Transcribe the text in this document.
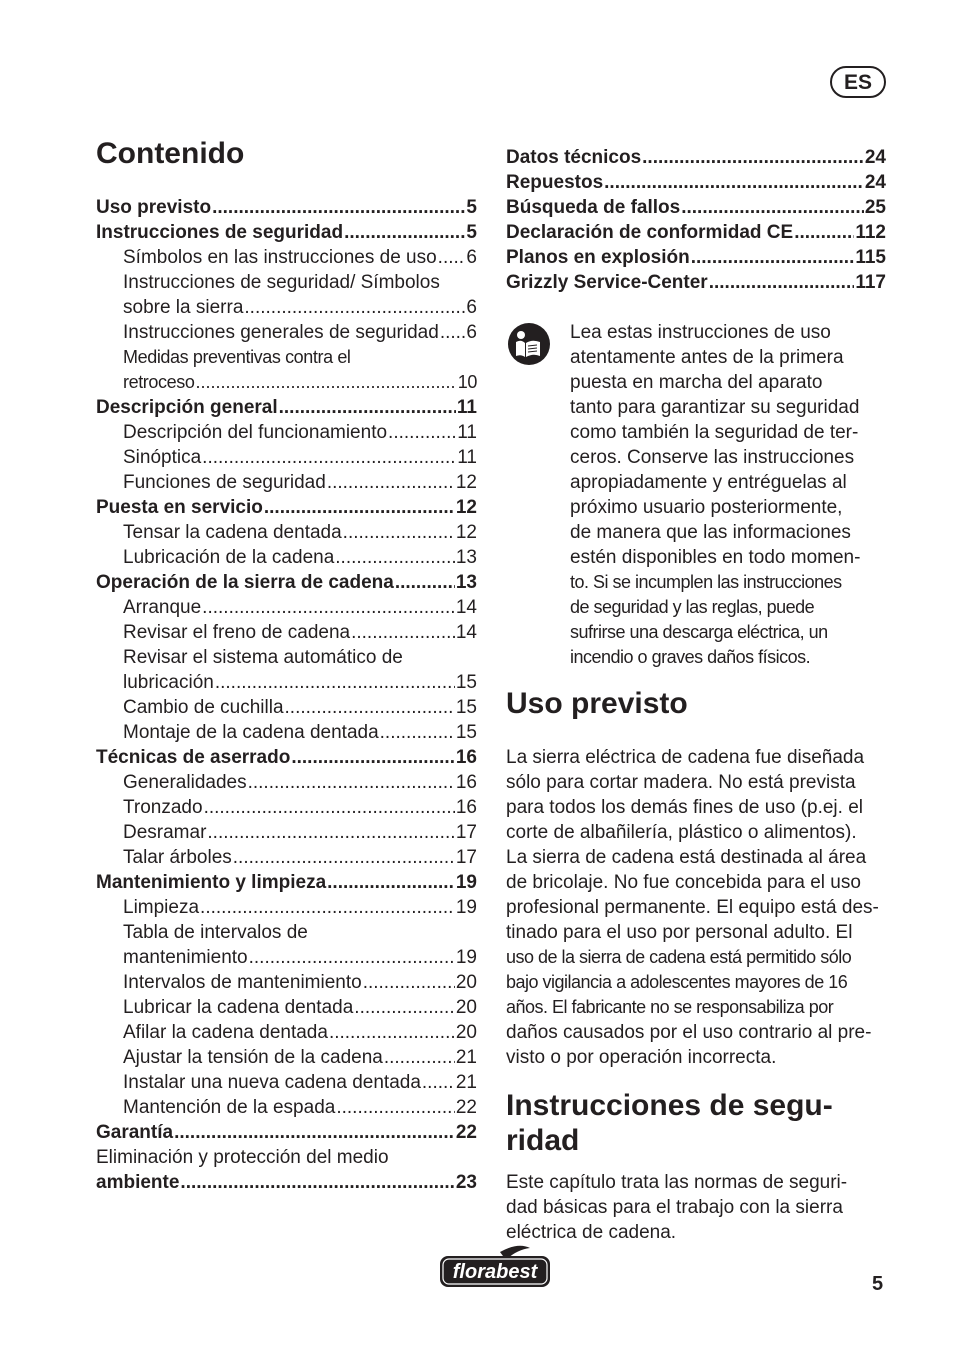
ES
Contenido
Uso previsto .....	5
Instrucciones de seguridad .....	5
Símbolos en las instrucciones de uso ..... 6
Instrucciones de seguridad/ Símbolos
sobre la sierra .....	6
Instrucciones generales de seguridad ..... 6
Medidas preventivas contra el
retroceso .....	10
Descripción general .....	11
Descripción del funcionamiento .....	11
Sinóptica .....	11
Funciones de seguridad .....	12
Puesta en servicio .....	12
Tensar la cadena dentada .....	12
Lubricación de la cadena .....	13
Operación de la sierra de cadena .....	13
Arranque .....	14
Revisar el freno de cadena .....	14
Revisar el sistema automático de
lubricación .....	15
Cambio de cuchilla .....	15
Montaje de la cadena dentada .....	15
Técnicas de aserrado .....	16
Generalidades .....	16
Tronzado .....	16
Desramar .....	17
Talar árboles .....	17
Mantenimiento y limpieza .....	19
Limpieza .....	19
Tabla de intervalos de
mantenimiento .....	19
Intervalos de mantenimiento .....	20
Lubricar la cadena dentada .....	20
Afilar la cadena dentada .....	20
Ajustar la tensión de la cadena .....	21
Instalar una nueva cadena dentada ..... 21
Mantención de la espada .....	22
Garantía .....	22
Eliminación y protección del medio
ambiente .....	23
Datos técnicos .....	24
Repuestos .....	24
Búsqueda de fallos .....	25
Declaración de conformidad CE .....	112
Planos en explosión .....	115
Grizzly Service-Center .....	117
Lea estas instrucciones de uso
atentamente antes de la primera
puesta en marcha del aparato
tanto para garantizar su seguridad
como también la seguridad de ter-
ceros. Conserve las instrucciones
apropiadamente y entréguelas al
próximo usuario posteriormente,
de manera que las informaciones
estén disponibles en todo momen-
to. Si se incumplen las instrucciones
de seguridad y las reglas, puede
sufrirse una descarga eléctrica, un
incendio o graves daños físicos.
Uso previsto
La sierra eléctrica de cadena fue diseñada
sólo para cortar madera. No está prevista
para todos los demás fines de uso (p.ej. el
corte de albañilería, plástico o alimentos).
La sierra de cadena está destinada al área
de bricolaje. No fue concebida para el uso
profesional permanente. El equipo está des-
tinado para el uso por personal adulto. El
uso de la sierra de cadena está permitido sólo
bajo vigilancia a adolescentes mayores de 16
años. El fabricante no se responsabiliza por
daños causados por el uso contrario al pre-
visto o por operación incorrecta.
Instrucciones de segu-
ridad
Este capítulo trata las normas de seguri-
dad básicas para el trabajo con la sierra
eléctrica de cadena.
florabest
5
